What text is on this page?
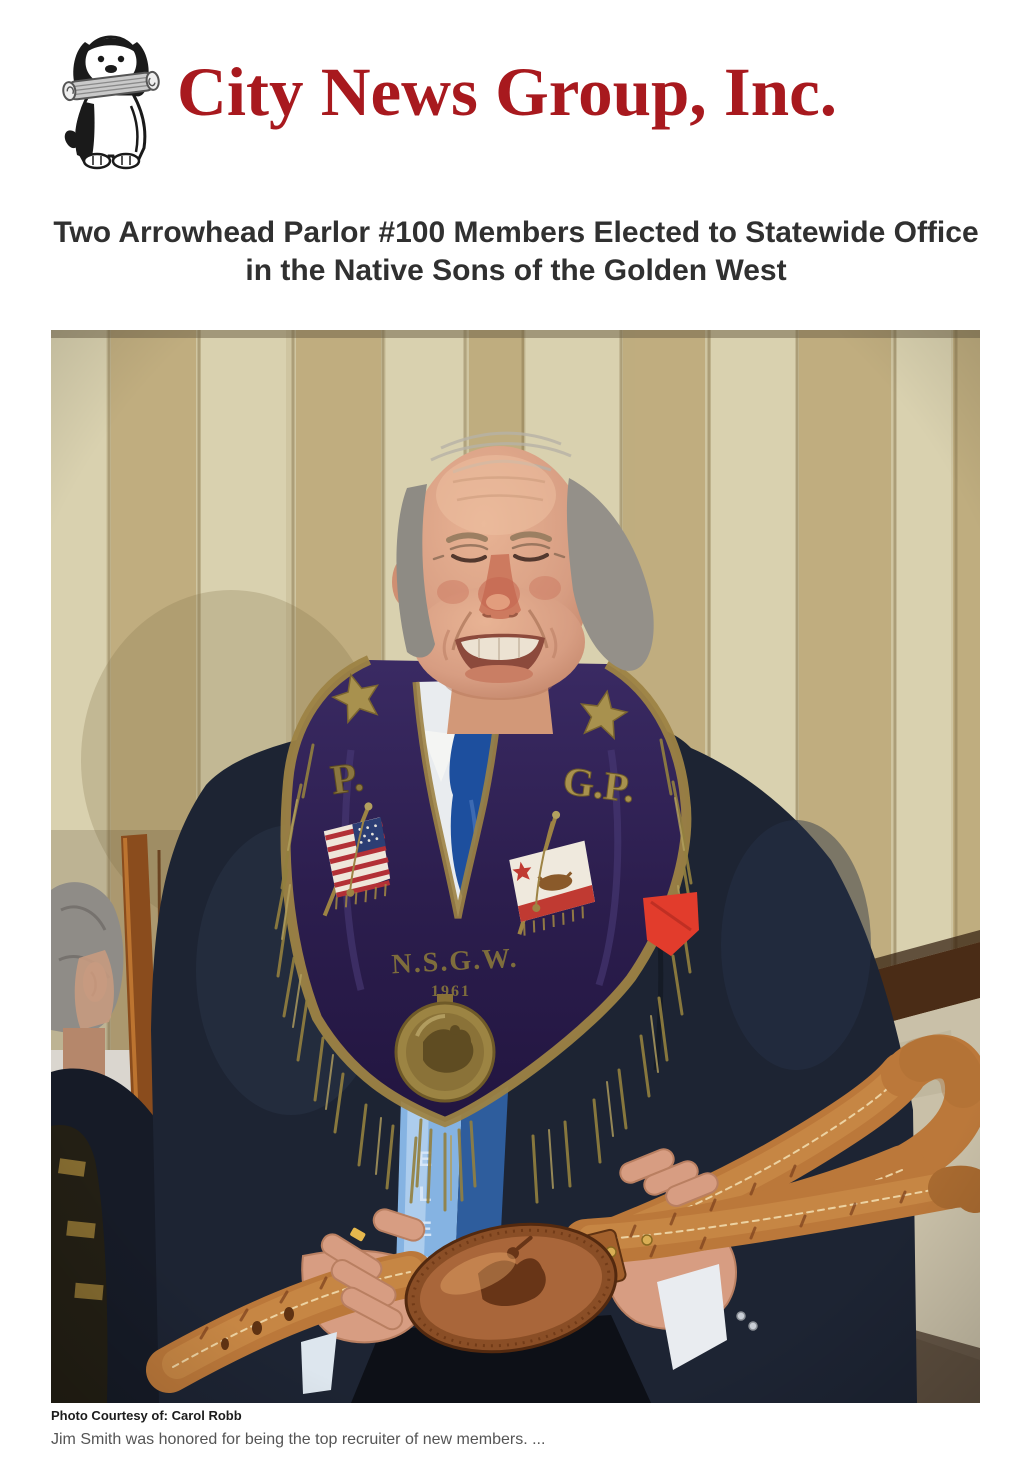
City News Group, Inc.
Two Arrowhead Parlor #100 Members Elected to Statewide Office in the Native Sons of the Golden West
Photo Courtesy of: Carol Robb
Jim Smith was honored for being the top recruiter of new members. ...
